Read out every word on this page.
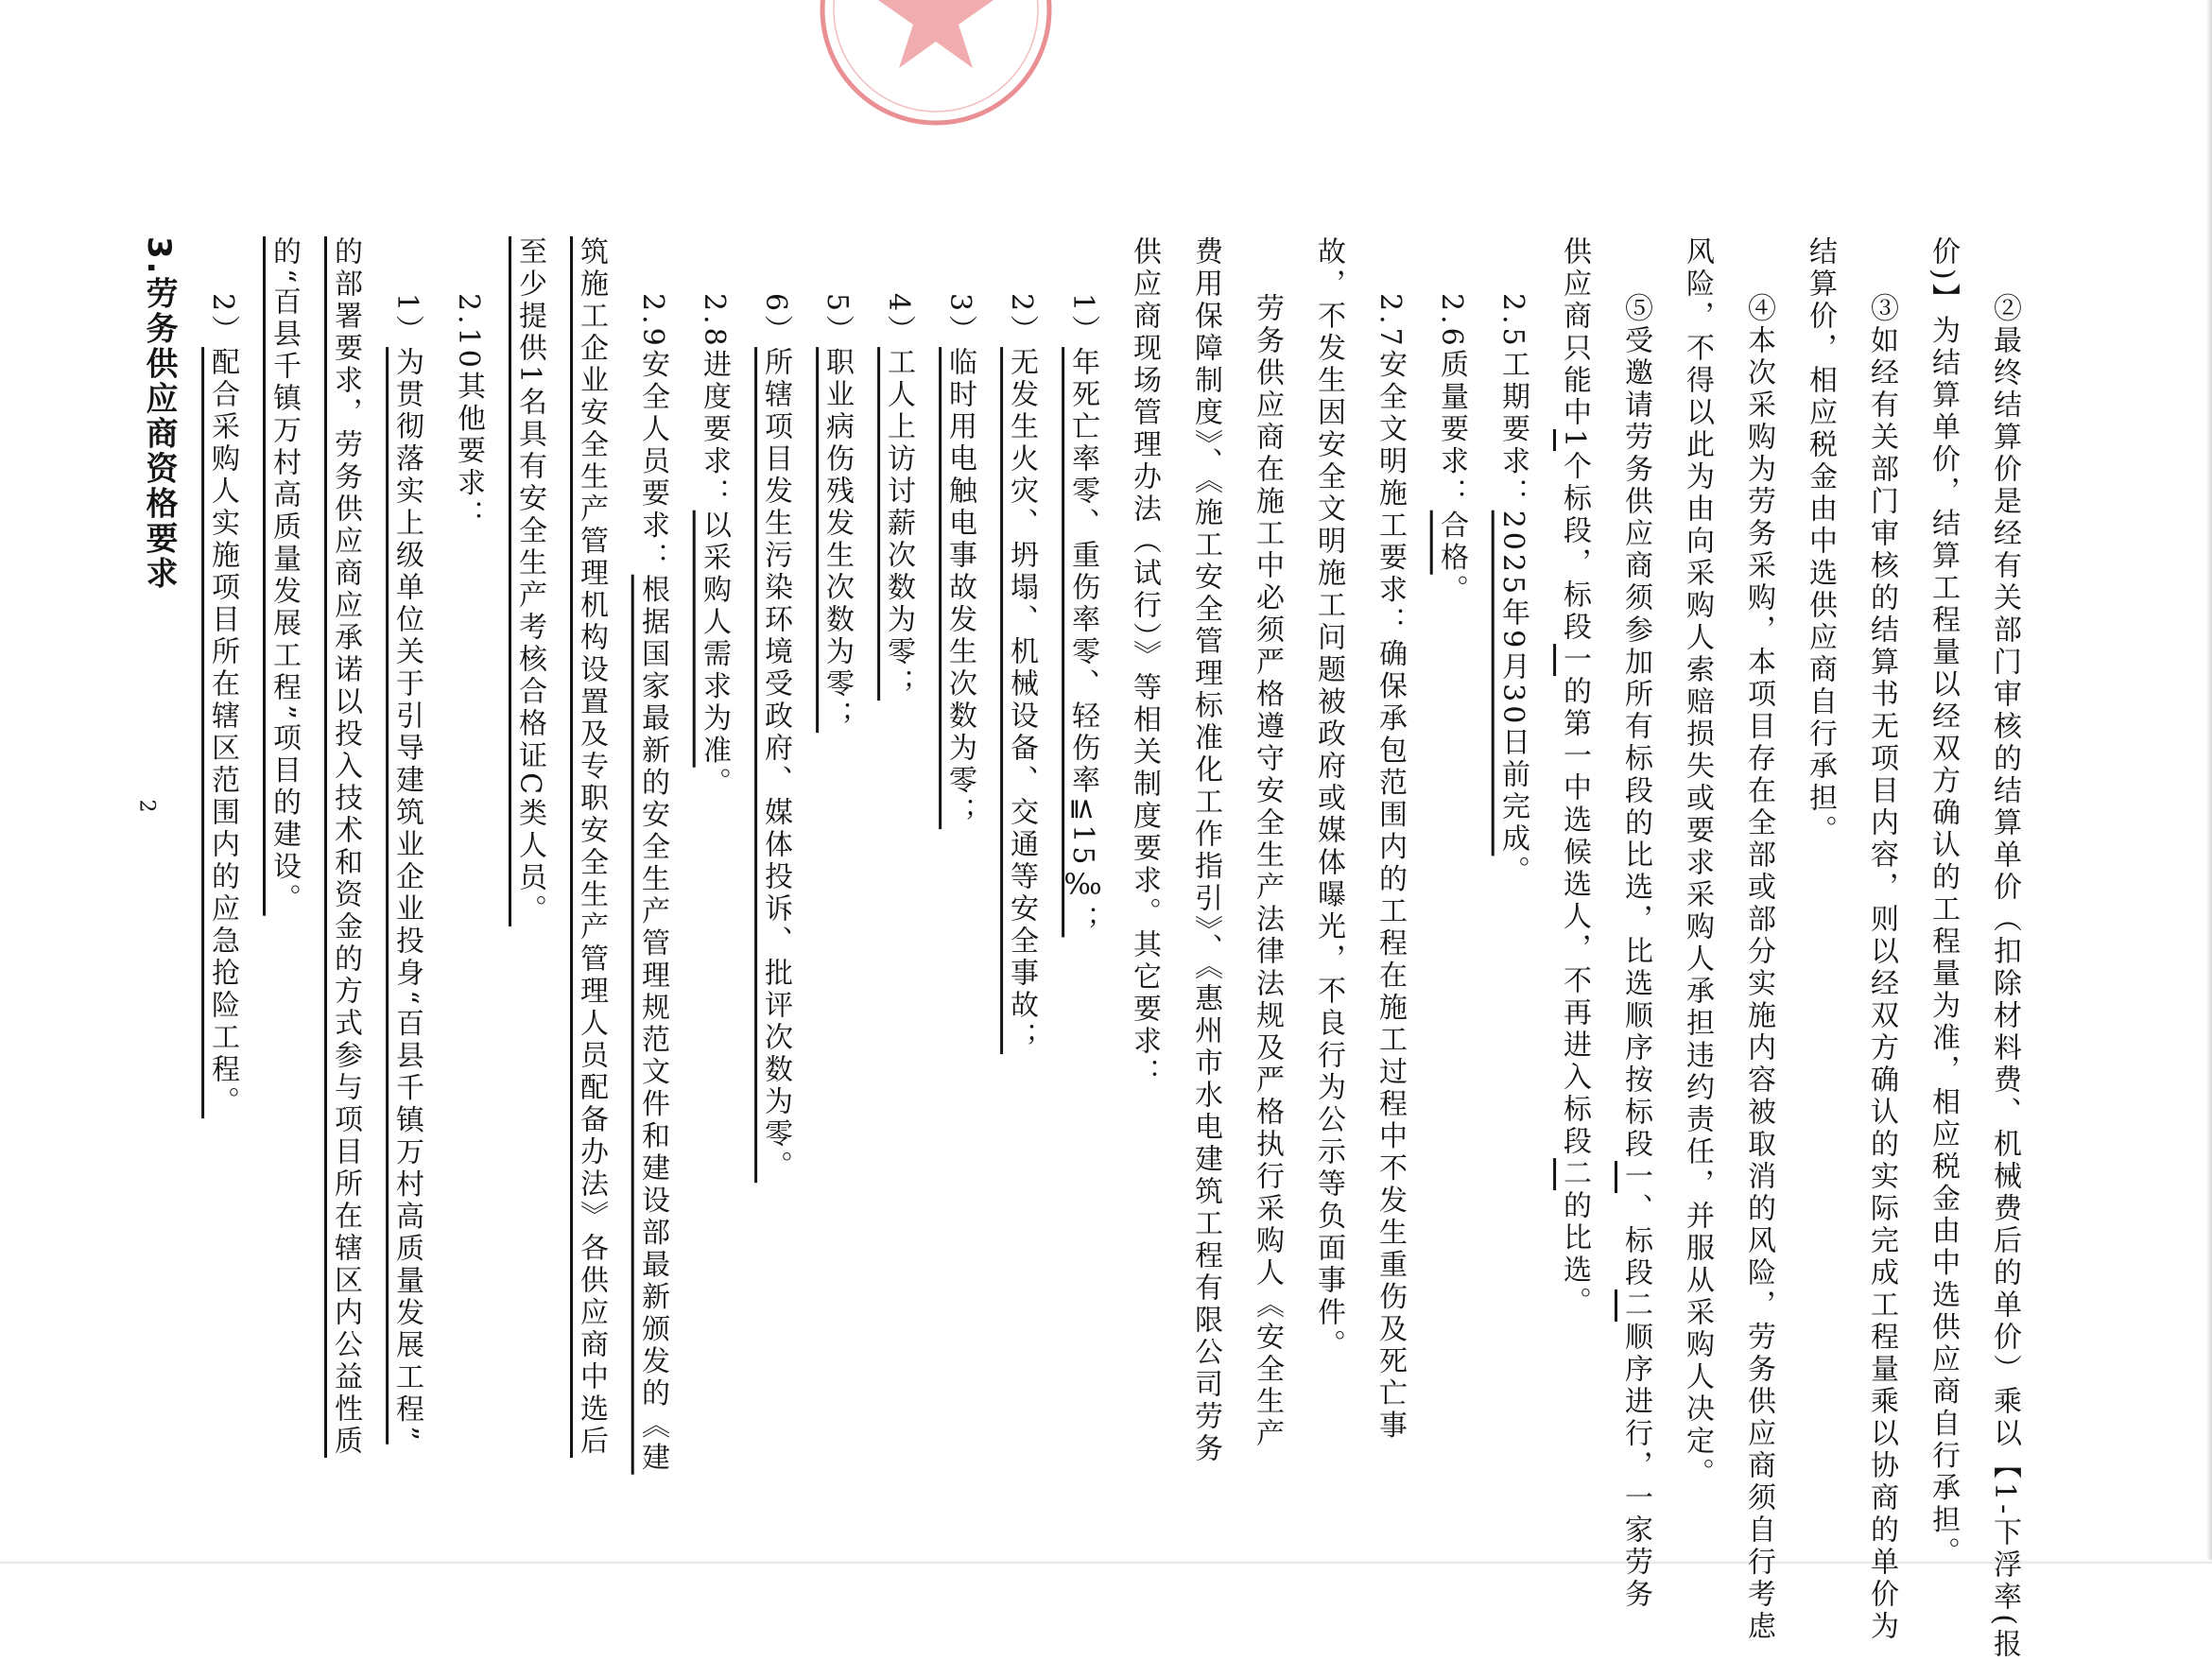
②最终结算价是经有关部门审核的结算单价（扣除材料费、机械费后的单价）乘以【1-下浮率(报
价)】为结算单价，结算工程量以经双方确认的工程量为准，相应税金由中选供应商自行承担。
③如经有关部门审核的结算书无项目内容，则以经双方确认的实际完成工程量乘以协商的单价为
结算价，相应税金由中选供应商自行承担。
④本次采购为劳务采购，本项目存在全部或部分实施内容被取消的风险，劳务供应商须自行考虑
风险，不得以此为由向采购人索赔损失或要求采购人承担违约责任，并服从采购人决定。
⑤受邀请劳务供应商须参加所有标段的比选，比选顺序按标段一、标段二顺序进行，一家劳务
供应商只能中1个标段，标段一的第一中选候选人，不再进入标段二的比选。
2.5工期要求：2025年9月30日前完成。
2.6质量要求：合格。
2.7安全文明施工要求：确保承包范围内的工程在施工过程中不发生重伤及死亡事
故，不发生因安全文明施工问题被政府或媒体曝光，不良行为公示等负面事件。
劳务供应商在施工中必须严格遵守安全生产法律法规及严格执行采购人《安全生产
费用保障制度》、《施工安全管理标准化工作指引》、《惠州市水电建筑工程有限公司劳务
供应商现场管理办法（试行）》等相关制度要求。其它要求：
1）年死亡率零、重伤率零、轻伤率≦15‰；
2）无发生火灾、坍塌、机械设备、交通等安全事故；
3）临时用电触电事故发生次数为零；
4）工人上访讨薪次数为零；
5）职业病伤残发生次数为零；
6）所辖项目发生污染环境受政府、媒体投诉、批评次数为零。
2.8进度要求：以采购人需求为准。
2.9安全人员要求：根据国家最新的安全生产管理规范文件和建设部最新颁发的《建
筑施工企业安全生产管理机构设置及专职安全生产管理人员配备办法》各供应商中选后
至少提供1名具有安全生产考核合格证C类人员。
2.10其他要求：
1）为贯彻落实上级单位关于引导建筑业企业投身“百县千镇万村高质量发展工程”
的部署要求，劳务供应商应承诺以投入技术和资金的方式参与项目所在辖区内公益性质
的“百县千镇万村高质量发展工程”项目的建设。
2）配合采购人实施项目所在辖区范围内的应急抢险工程。
3.劳务供应商资格要求
2
